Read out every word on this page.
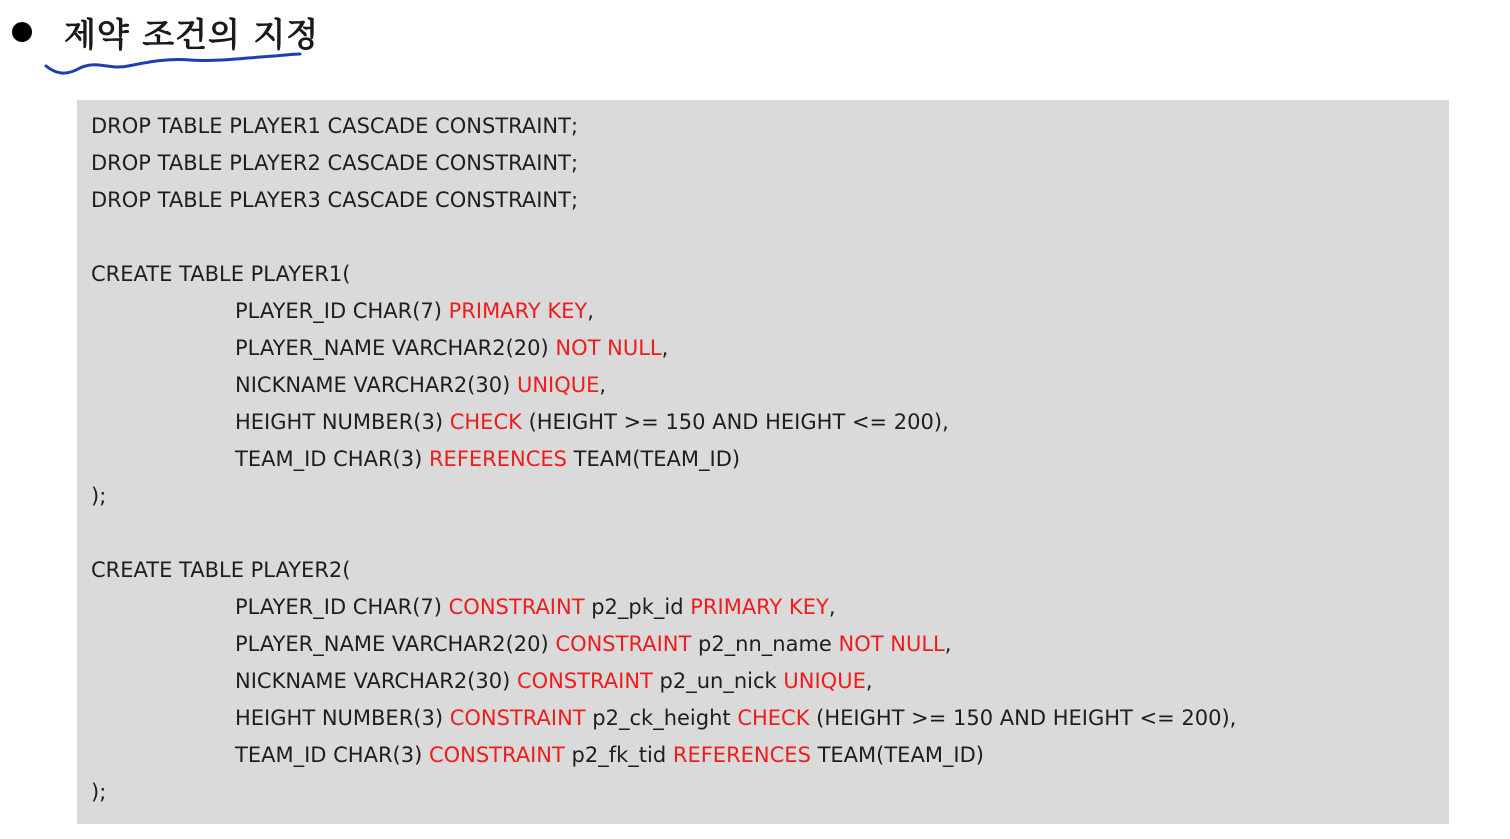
제약 조건의 지정
DROP TABLE PLAYER1 CASCADE CONSTRAINT;
DROP TABLE PLAYER2 CASCADE CONSTRAINT;
DROP TABLE PLAYER3 CASCADE CONSTRAINT;
CREATE TABLE PLAYER1(
PLAYER_ID CHAR(7) PRIMARY KEY,
PLAYER_NAME VARCHAR2(20) NOT NULL,
NICKNAME VARCHAR2(30) UNIQUE,
HEIGHT NUMBER(3) CHECK (HEIGHT >= 150 AND HEIGHT <= 200),
TEAM_ID CHAR(3) REFERENCES TEAM(TEAM_ID)
);
CREATE TABLE PLAYER2(
PLAYER_ID CHAR(7) CONSTRAINT p2_pk_id PRIMARY KEY,
PLAYER_NAME VARCHAR2(20) CONSTRAINT p2_nn_name NOT NULL,
NICKNAME VARCHAR2(30) CONSTRAINT p2_un_nick UNIQUE,
HEIGHT NUMBER(3) CONSTRAINT p2_ck_height CHECK (HEIGHT >= 150 AND HEIGHT <= 200),
TEAM_ID CHAR(3) CONSTRAINT p2_fk_tid REFERENCES TEAM(TEAM_ID)
);
